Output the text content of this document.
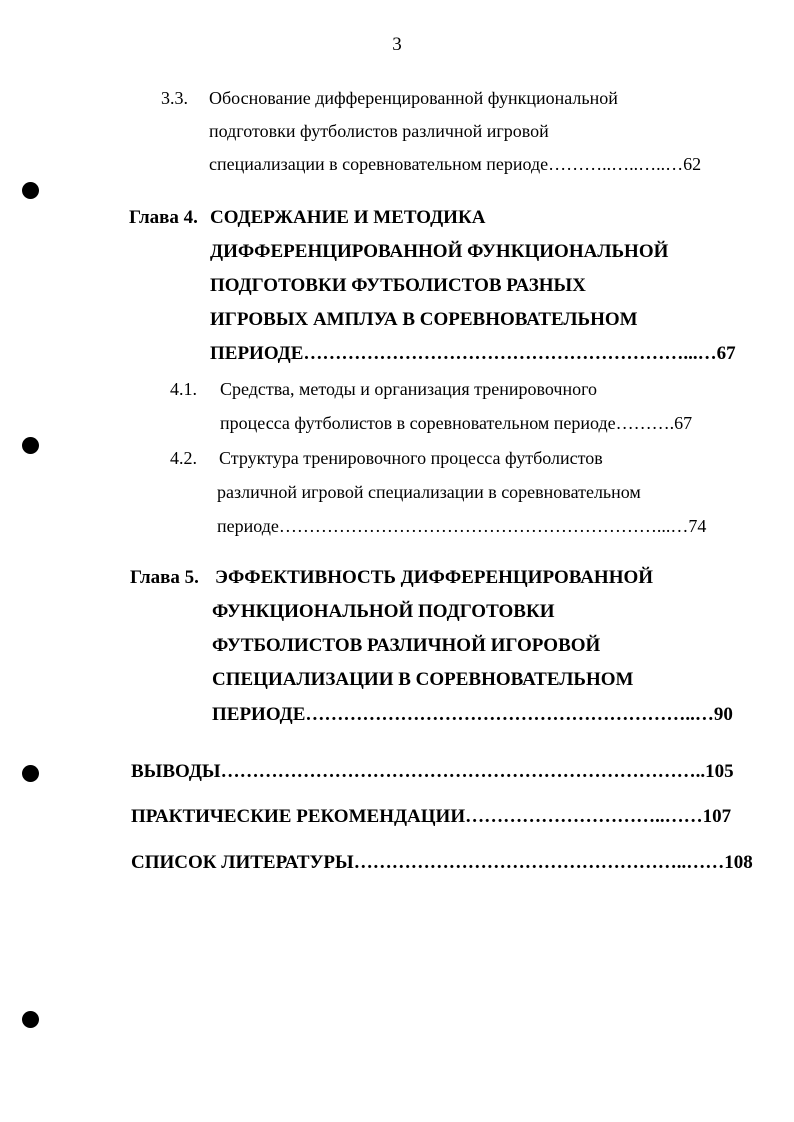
3
3.3. Обоснование дифференцированной функциональной
подготовки футболистов различной игровой
специализации в соревновательном периоде………..…..…..…62
Глава 4. СОДЕРЖАНИЕ И МЕТОДИКА
ДИФФЕРЕНЦИРОВАННОЙ ФУНКЦИОНАЛЬНОЙ
ПОДГОТОВКИ ФУТБОЛИСТОВ РАЗНЫХ
ИГРОВЫХ АМПЛУА В СОРЕВНОВАТЕЛЬНОМ
ПЕРИОДЕ……………………………………………………...…67
4.1. Средства, методы и организация тренировочного
процесса футболистов в соревновательном периоде……….67
4.2. Структура тренировочного процесса футболистов
различной игровой специализации в соревновательном
периоде………………………………………………………...…74
Глава 5. ЭФФЕКТИВНОСТЬ ДИФФЕРЕНЦИРОВАННОЙ
ФУНКЦИОНАЛЬНОЙ ПОДГОТОВКИ
ФУТБОЛИСТОВ РАЗЛИЧНОЙ ИГОРОВОЙ
СПЕЦИАЛИЗАЦИИ В СОРЕВНОВАТЕЛЬНОМ
ПЕРИОДЕ……………………………………………………..…90
ВЫВОДЫ…………………………………………………………………..105
ПРАКТИЧЕСКИЕ РЕКОМЕНДАЦИИ…………………………..……107
СПИСОК ЛИТЕРАТУРЫ……………………………………………..……108
